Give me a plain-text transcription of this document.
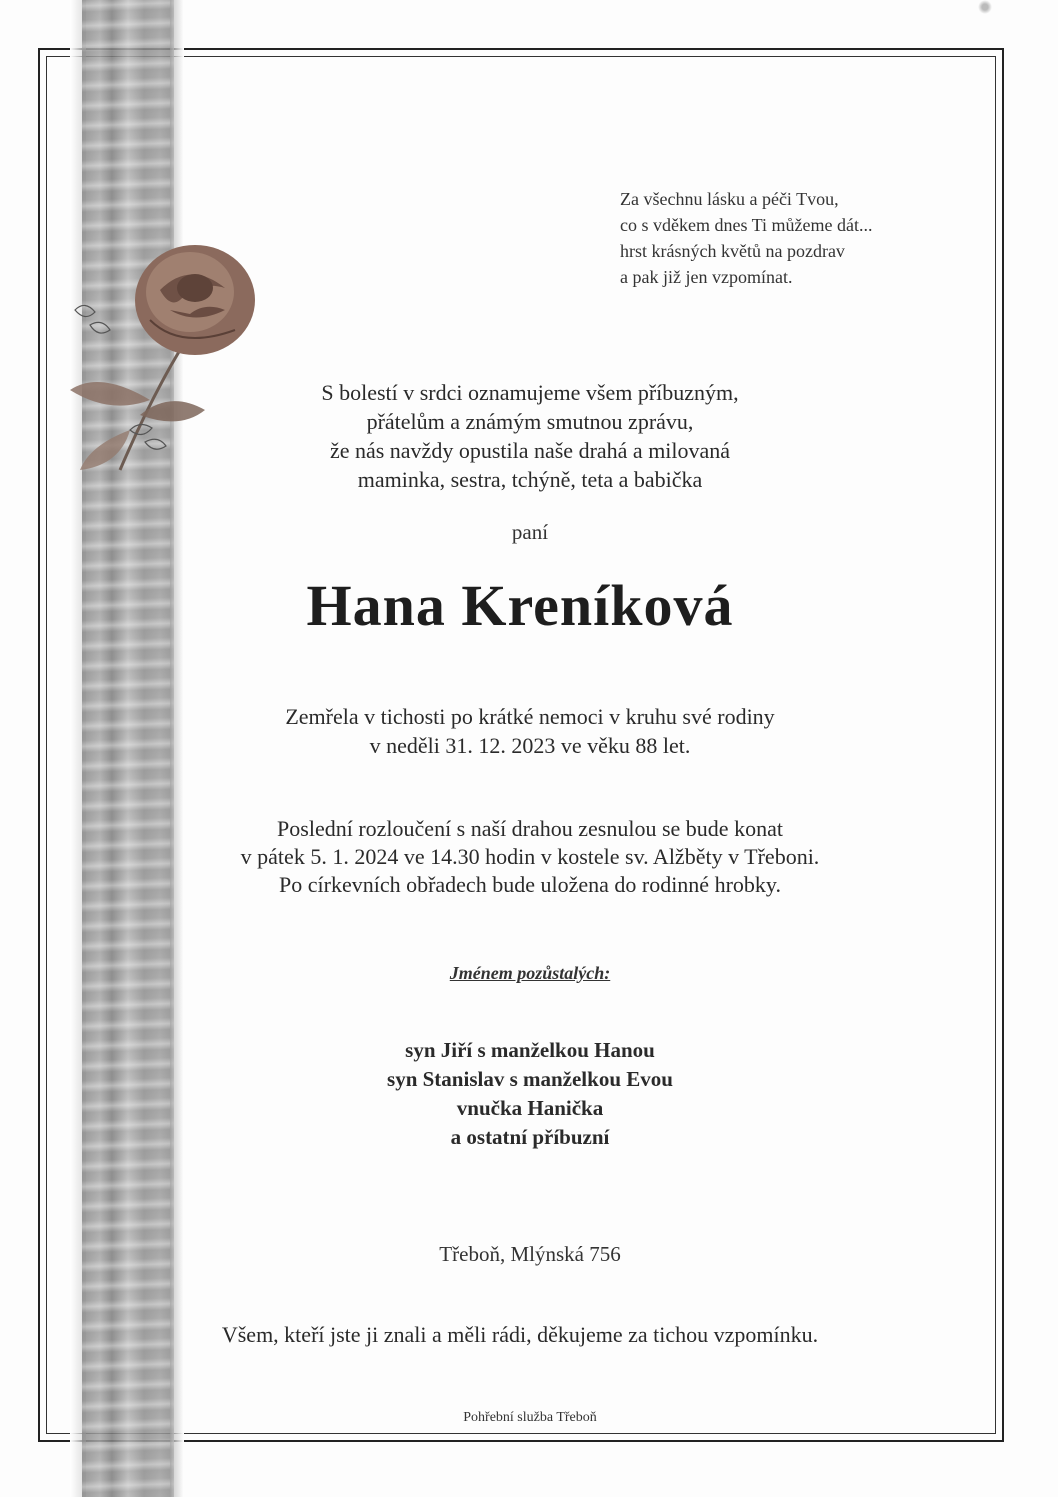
Za všechnu lásku a péči Tvou,
co s vděkem dnes Ti můžeme dát...
hrst krásných květů na pozdrav
a pak již jen vzpomínat.
S bolestí v srdci oznamujeme všem příbuzným,
přátelům a známým smutnou zprávu,
že nás navždy opustila naše drahá a milovaná
maminka, sestra, tchýně, teta a babička
paní
Hana Kreníková
Zemřela v tichosti po krátké nemoci v kruhu své rodiny
v neděli 31. 12. 2023 ve věku 88 let.
Poslední rozloučení s naší drahou zesnulou se bude konat
v pátek 5. 1. 2024 ve 14.30 hodin v kostele sv. Alžběty v Třeboni.
Po církevních obřadech bude uložena do rodinné hrobky.
Jménem pozůstalých:
syn Jiří s manželkou Hanou
syn Stanislav s manželkou Evou
vnučka Hanička
a ostatní příbuzní
Třeboň, Mlýnská 756
Všem, kteří jste ji znali a měli rádi, děkujeme za tichou vzpomínku.
Pohřební služba Třeboň
